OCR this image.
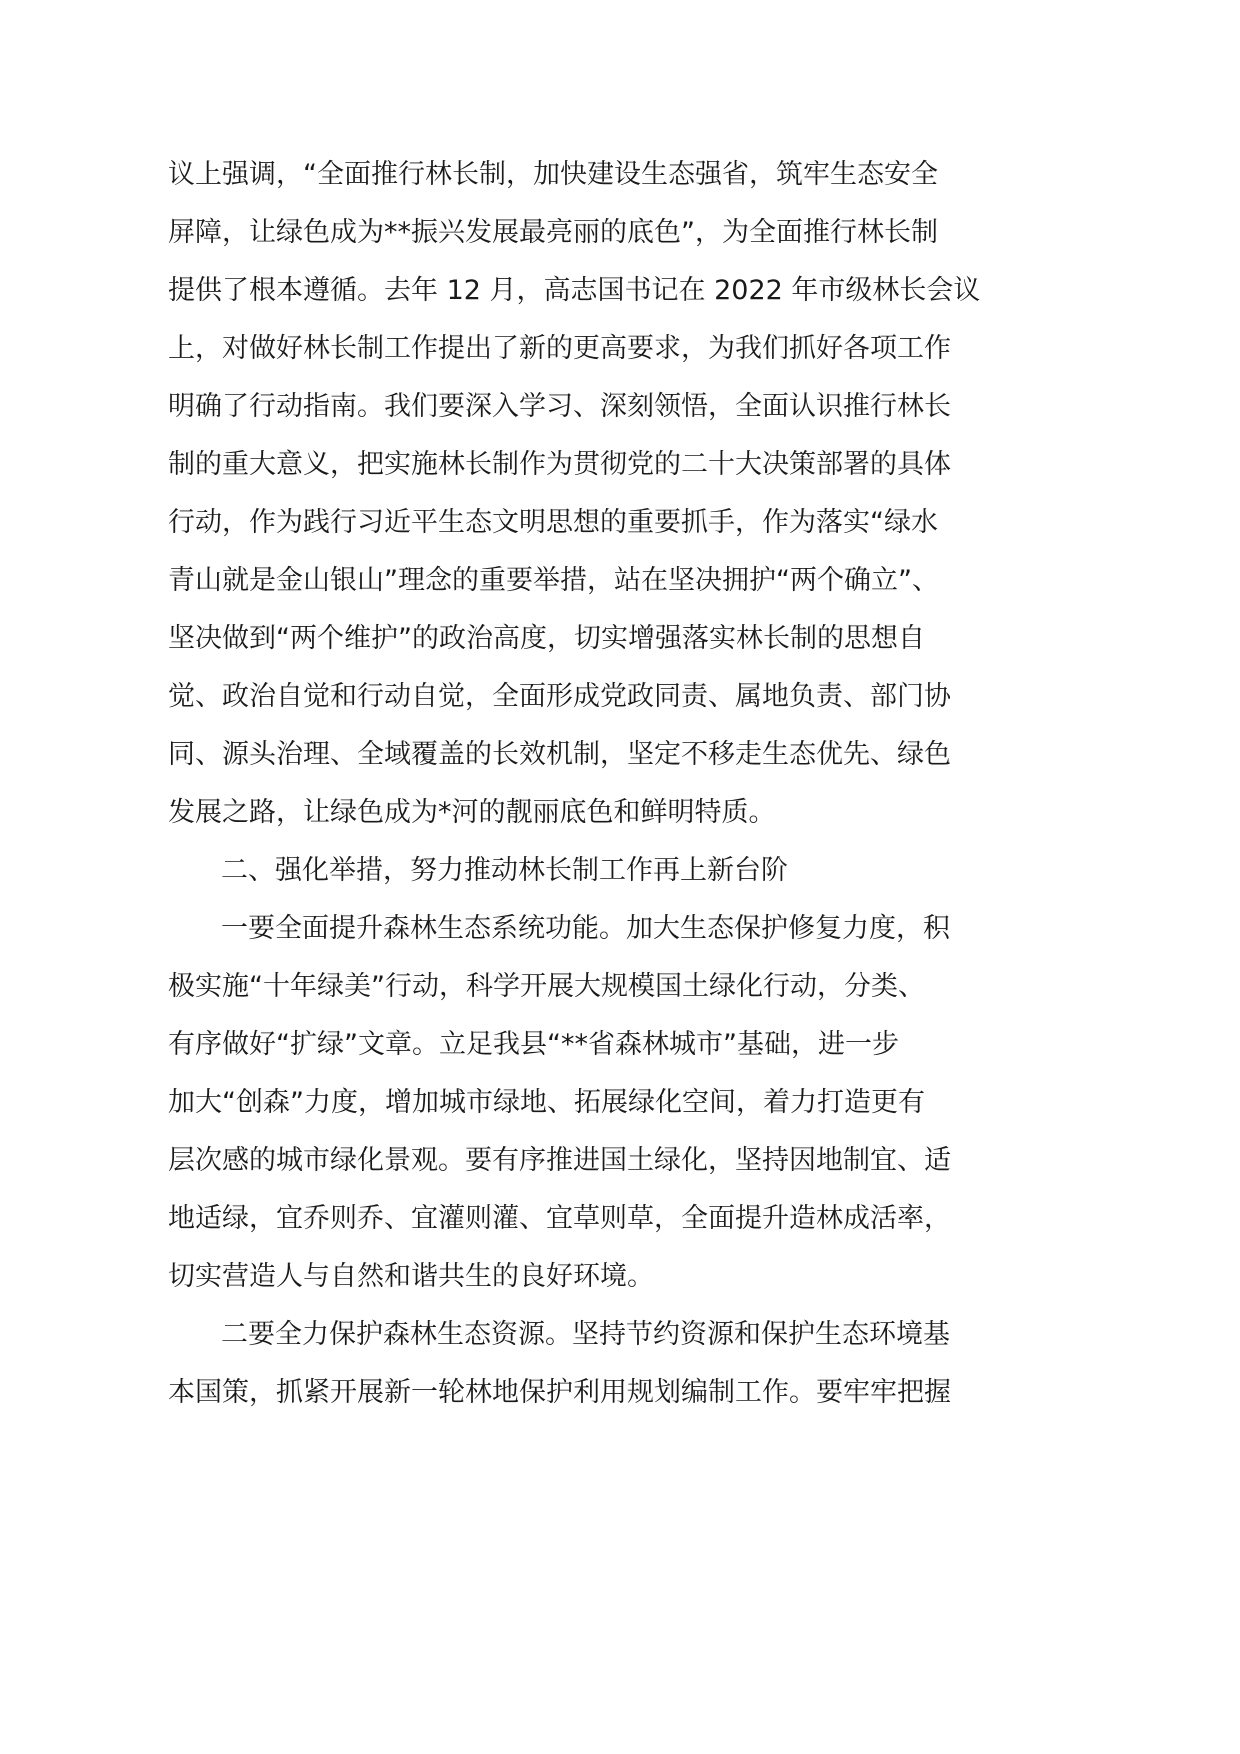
议上强调，“全面推行林长制，加快建设生态强省，筑牢生态安全

屏障，让绿色成为**振兴发展最亮丽的底色”，为全面推行林长制

提供了根本遵循。去年 12 月，高志国书记在 2022 年市级林长会议

上，对做好林长制工作提出了新的更高要求，为我们抓好各项工作

明确了行动指南。我们要深入学习、深刻领悟，全面认识推行林长

制的重大意义，把实施林长制作为贯彻党的二十大决策部署的具体

行动，作为践行习近平生态文明思想的重要抓手，作为落实“绿水

青山就是金山银山”理念的重要举措，站在坚决拥护“两个确立”、

坚决做到“两个维护”的政治高度，切实增强落实林长制的思想自

觉、政治自觉和行动自觉，全面形成党政同责、属地负责、部门协

同、源头治理、全域覆盖的长效机制，坚定不移走生态优先、绿色

发展之路，让绿色成为*河的靓丽底色和鲜明特质。

二、强化举措，努力推动林长制工作再上新台阶

一要全面提升森林生态系统功能。加大生态保护修复力度，积

极实施“十年绿美”行动，科学开展大规模国土绿化行动，分类、

有序做好“扩绿”文章。立足我县“**省森林城市”基础，进一步

加大“创森”力度，增加城市绿地、拓展绿化空间，着力打造更有

层次感的城市绿化景观。要有序推进国土绿化，坚持因地制宜、适

地适绿，宜乔则乔、宜灌则灌、宜草则草，全面提升造林成活率，

切实营造人与自然和谐共生的良好环境。

二要全力保护森林生态资源。坚持节约资源和保护生态环境基

本国策，抓紧开展新一轮林地保护利用规划编制工作。要牢牢把握
